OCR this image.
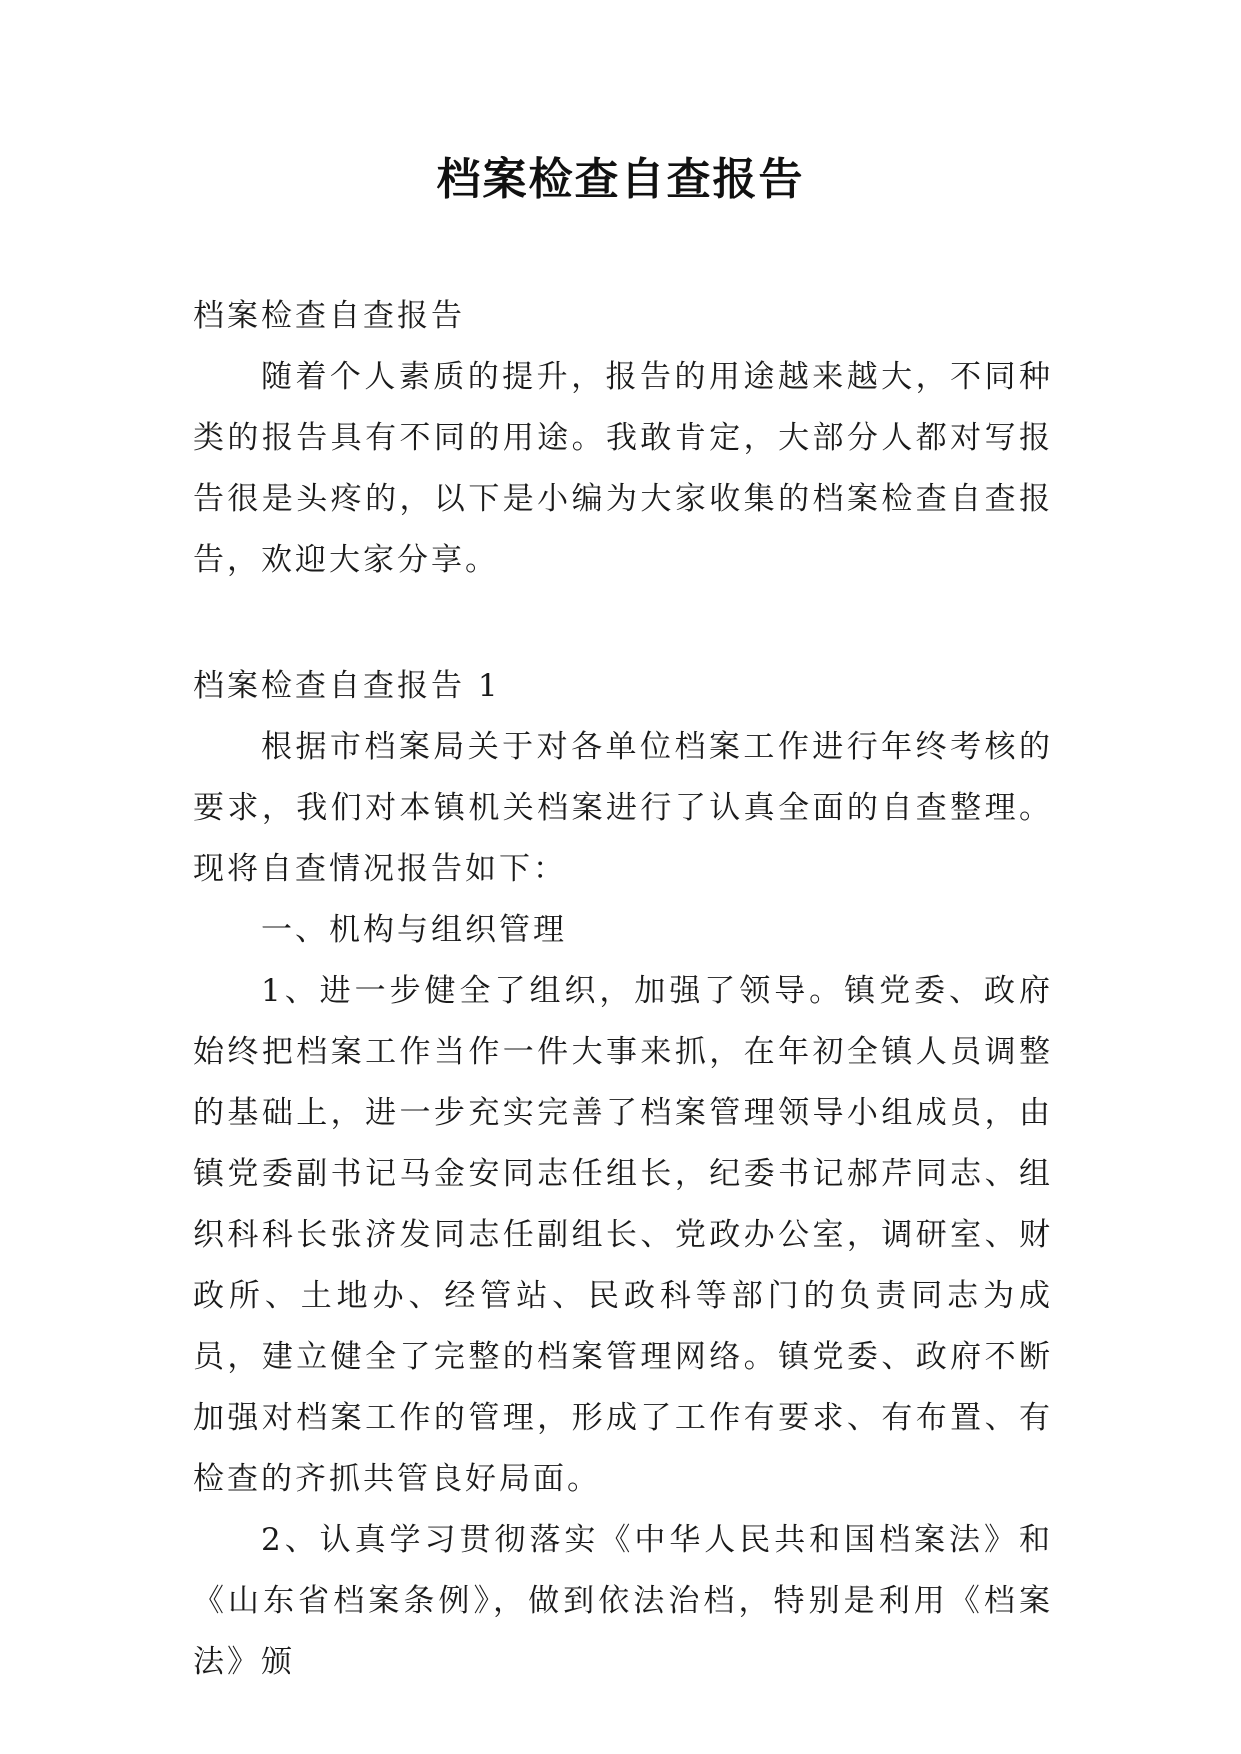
档案检查自查报告

档案检查自查报告

随着个人素质的提升，报告的用途越来越大，不同种类的报告具有不同的用途。我敢肯定，大部分人都对写报告很是头疼的，以下是小编为大家收集的档案检查自查报告，欢迎大家分享。

档案检查自查报告 1

根据市档案局关于对各单位档案工作进行年终考核的要求，我们对本镇机关档案进行了认真全面的自查整理。现将自查情况报告如下：

一、机构与组织管理

1、进一步健全了组织，加强了领导。镇党委、政府始终把档案工作当作一件大事来抓，在年初全镇人员调整的基础上，进一步充实完善了档案管理领导小组成员，由镇党委副书记马金安同志任组长，纪委书记郝芹同志、组织科科长张济发同志任副组长、党政办公室，调研室、财政所、土地办、经管站、民政科等部门的负责同志为成员，建立健全了完整的档案管理网络。镇党委、政府不断加强对档案工作的管理，形成了工作有要求、有布置、有检查的齐抓共管良好局面。

2、认真学习贯彻落实《中华人民共和国档案法》和《山东省档案条例》，做到依法治档，特别是利用《档案法》颁
